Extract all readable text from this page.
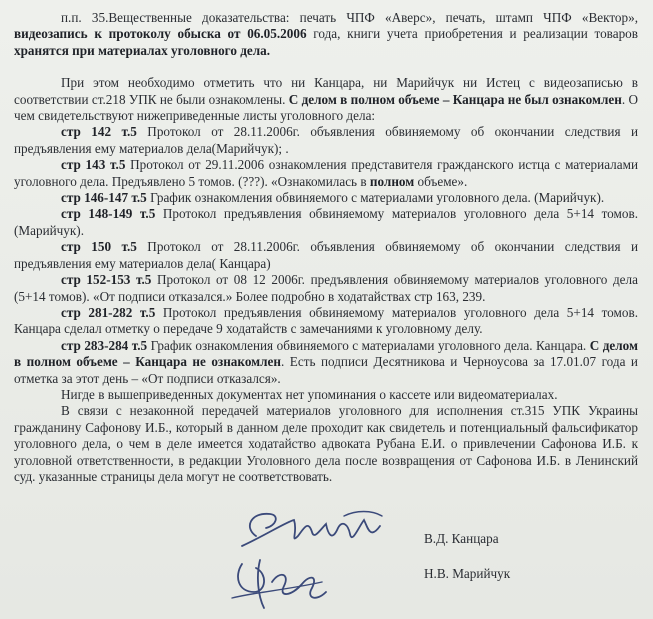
п.п. 35.Вещественные доказательства: печать ЧПФ «Аверс», печать, штамп ЧПФ «Вектор», видеозапись к протоколу обыска от 06.05.2006 года, книги учета приобретения и реализации товаров хранятся при материалах уголовного дела.

При этом необходимо отметить что ни Канцара, ни Марийчук ни Истец с видеозаписью в соответствии ст.218 УПК не были ознакомлены. С делом в полном объеме – Канцара не был ознакомлен. О чем свидетельствуют нижеприведенные листы уголовного дела:

стр 142 т.5 Протокол от 28.11.2006г. объявления обвиняемому об окончании следствия и предъявления ему материалов дела(Марийчук); .

стр 143 т.5 Протокол от 29.11.2006 ознакомления представителя гражданского истца с материалами уголовного дела. Предъявлено 5 томов. (???). «Ознакомилась в полном объеме».

стр 146-147 т.5 График ознакомления обвиняемого с материалами уголовного дела. (Марийчук).

стр 148-149 т.5 Протокол предъявления обвиняемому материалов уголовного дела 5+14 томов. (Марийчук).

стр 150 т.5 Протокол от 28.11.2006г. объявления обвиняемому об окончании следствия и предъявления ему материалов дела( Канцара)

стр 152-153 т.5 Протокол от 08 12 2006г. предъявления обвиняемому материалов уголовного дела (5+14 томов). «От подписи отказался.» Более подробно в ходатайствах стр 163, 239.

стр 281-282 т.5 Протокол предъявления обвиняемому материалов уголовного дела 5+14 томов. Канцара сделал отметку о передаче 9 ходатайств с замечаниями к уголовному делу.

стр 283-284 т.5 График ознакомления обвиняемого с материалами уголовного дела. Канцара. С делом в полном объеме – Канцара не ознакомлен. Есть подписи Десятникова и Черноусова за 17.01.07 года и отметка за этот день – «От подписи отказался».

Нигде в вышеприведенных документах нет упоминания о кассете или видеоматериалах.

В связи с незаконной передачей материалов уголовного для исполнения ст.315 УПК Украины гражданину Сафонову И.Б., который в данном деле проходит как свидетель и потенциальный фальсификатор уголовного дела, о чем в деле имеется ходатайство адвоката Рубана Е.И. о привлечении Сафонова И.Б. к уголовной ответственности, в редакции Уголовного дела после возвращения от Сафонова И.Б. в Ленинский суд. указанные страницы дела могут не соответствовать.

В.Д. Канцара
Н.В. Марийчук
